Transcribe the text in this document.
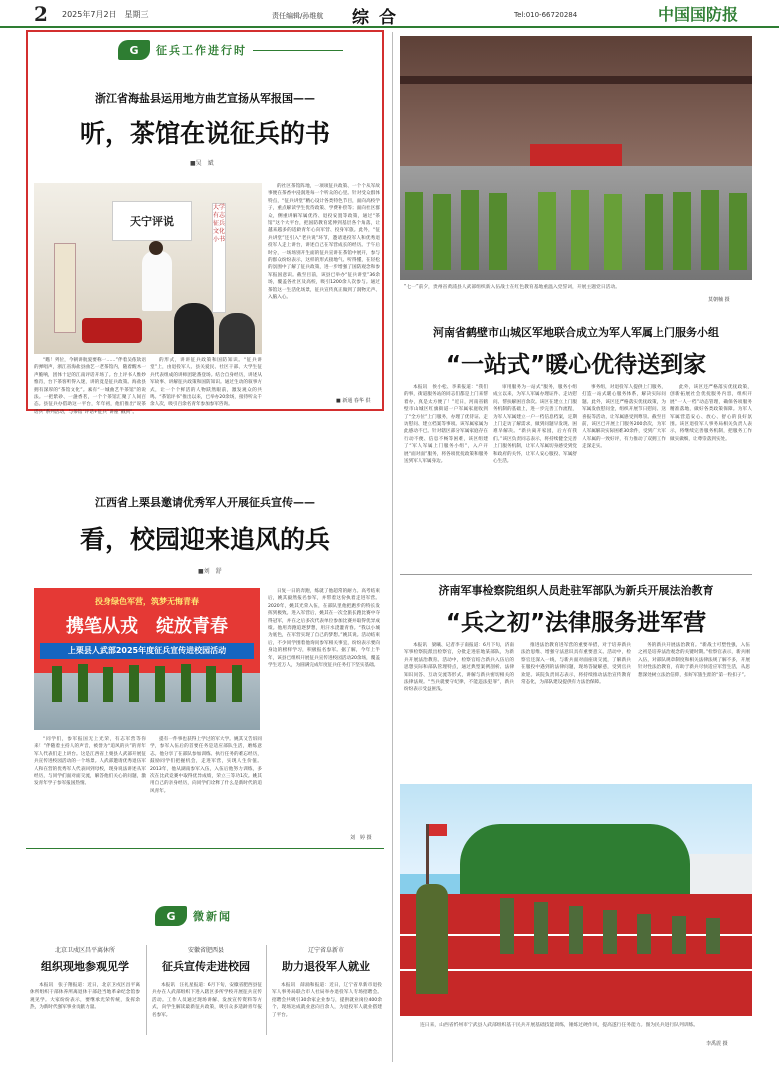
2 2025年7月2日　星期三	责任编辑/孙维航 综合	Tel:010-66720284	中国国防报
G	征兵工作进行时
浙江省海盐县运用地方曲艺宣扬从军报国——
听，茶馆在说征兵的书
■吴　斌
天宁评说
大学有志征兵文化小书
“瞧！列位，今朝讲航爱要称一……”伴着吴侬软语的弹唱声，浙江省海盐县曲艺一老茶馆内，随着醒木一声脆响，团体十足的江南评话开场了。台上评书人惟妙惟肖，台下茶客听得入迷，讲的竟是征兵政策。海盐县拥有深厚的“茶馆文化”。素有“一城曲艺半茶馆”的说法。一把紫砂、一盏香茗，一个个茶馆汇聚了人间百态。县征兵办借助这一平台，年年初，他们推出“说茶话兵”系列活动，与茶馆“评话+征兵”讲座“戳到”。
的形式，讲讲征兵政策和国防知识。“征兵讲堂”上，由退役军人、县关爱民、社区干部、大学生征兵代表组成的讲师团轮番登场。结合自身经历，讲述从军故事、讲解征兵政策和国防知识。通过生动的叙事方式，让一个个鲜活的人物跃然眼前，激发观众的共鸣。“茶馆评书”推出以来，已举办20余场，接待听众千余人次，吸引百余名青年参加参军咨询。
的社区茶馆阵地，一项项征兵政策、一个个从军故事便在茶香中浸润进每一个听众的心里。针对受众群体特点，“征兵讲堂”精心设计各类特色节目，面向高校学子，重点解读学生优待政策、学费补偿等；面向社区群众，侧重讲解军属优待、退役安置等政策，通过“茶馆”这个大平台，把国防教育延伸到基层各个角落，让越来越多的适龄青年心向军营、投身军旅。此外，“征兵讲堂”还引入“老兵说”环节，邀请退役军人和优秀退役军人走上讲台，讲述自己在军营成长的经历。于午后时分，一场场别开生面的征兵宣讲在茶馆中展开，参与的群众纷纷表示，这样的形式接地气、听得懂，在轻松的氛围中了解了征兵政策，进一步增强了国防观念和参军报国意识。截至目前，该县已举办“征兵讲堂”36余场，覆盖各社区及高校，吸引1200余人次参与。通过茶馆这一生活化场景，征兵宣传真正做到了润物无声、入脑入心。
■ 新通 春华 供
江西省上栗县邀请优秀军人开展征兵宣传——
看，校园迎来追风的兵
■刘　舒
投身绿色军营，筑梦无悔青春
携笔从戎　绽放青春
上栗县人武部2025年度征兵宣传进校园活动
“同学们，参军报国无上光荣，有志军营等你来！”伴随着主持人的声音，被誉为“追风的兵”的青年军人代表们走上讲台。这是江西省上栗县人武部开展征兵宣传进校园活动的一个场景。人武部邀请优秀退伍军人和在营的优秀军人代表回到母校，现身说法讲述从军经历，与同学们面对面交流，解答他们关心的问题，激发青年学子参军报国热情。
提有一件事也获得上学过的军大学。姚其又告诉同学，参军入伍后的首要任务是适应部队生活，磨练意志。他分享了在部队参加训练、执行任务的难忘经历，鼓励同学们把握机会，走进军营，实现人生价值。2013年，他从湖南参军入伍，入伍后他努力训练，多次在比武竞赛中取得优异成绩，荣立三等功1次。姚其用自己的亲身经历，向同学们诠释了什么是新时代的追风青年。
日复一日的奔跑，练就了他超常的耐力。高考结束后，姚其毅然报名参军，并带着这份执着走进军营。2020年，姚其光荣入伍，在部队里他把跑步的特长发挥到极致。进入军营后，姚其在一次全旅长跑比赛中夺得冠军，并在之后多次代表单位参加比赛并取得优异成绩。他用奔跑追逐梦想，用汗水浇灌青春。“我以小城为底色，在军营实现了自己的梦想。”姚其说。活动结束后，不少同学围着他询问参军相关事宜，纷纷表示要向身边的榜样学习，积极报名参军。据了解，今年上半年，该县已组织开展征兵宣传进校园活动20余场，覆盖学生近万人，为圆满完成年度征兵任务打下坚实基础。
刘　婷 摄
G	微新闻
北京卫戍区昌平离休所
组织现地参观见学
本报讯　张子翔报道：近日，北京卫戍区昌平离休所组织干部休养所离退休干部赴当地革命纪念馆参观见学。大家纷纷表示，要继承光荣传统，发挥余热，为新时代强军事业贡献力量。
安徽省肥西县
征兵宣传走进校园
本报讯　汪礼星报道：6月下旬，安徽省肥西县征兵办在人武部组织下进入辖区多所学校开展征兵宣传活动。工作人员通过现场讲解、发放宣传资料等方式，向学生解读最新征兵政策，吸引众多适龄青年报名参军。
辽宁省阜新市
助力退役军人就业
本报讯　薛涌和报道：近日，辽宁省阜新市退役军人事务局联合市人社局举办退役军人专场招聘会。招聘会共吸引30余家企业参与，提供就业岗位400余个，现场达成就业意向百余人，为退役军人就业搭建了平台。
“七一”前夕，贵州省黄浦县人武部组织新入伍战士在红色教育基地重温入党誓词，开展主题党日活动。
莫朝楠 摄
河南省鹤壁市山城区军地联合成立为军人军属上门服务小组
“一站式”暖心优待送到家
本报讯　侯小松、李莱报道：“我们的事，街道服务站的同志们都是上门来帮着办，真是太方便了！”近日，河南省鹤壁市山城区红旗街道一户军属家庭收到了“全方位”上门服务，办理了优待证、走访慰问、建立档案等事项。该军属家属为此感动不已。针对辖区部分军属家庭存在行动不便、信息不畅等困难，该区组建了“军人军属上门服务小组”，入户开展“面对面”服务，将各项优抚政策和服务送到军人军属身边。
审用服务为一站式“服务，服务小组成立以来，为军人军属办理证件、走访慰问、帮扶解困百余次。该区在建立上门服务机制的基础上，进一步完善工作流程，为军人军属建立一户一档信息档案，定期上门走访了解需求，做到问题早发现、困难早解决。“新兵离开家园，后方有我们。”该区负责同志表示，将持续健全完善上门服务机制，让军人军属切身感受到党和政府的关怀，让军人安心服役、军属舒心生活。
事务组，对退役军人提供上门服务，打造一站式暖心服务体系，解决实际问题。此外，该区还严格落实优抚政策，为军属发放慰问金，组织开展节日慰问、送喜报等活动，让军属感受到尊崇。截至目前，该区已开展上门服务200余次，为军人军属解决实际困难30余件，受到广大军人军属的一致好评，有力推动了双拥工作走深走实。
此外，该区还严格落实优抚政策，创新拓展社会优抚服务内容，组织开展“一人一档”动态管理，确保各项服务精准落地，做好各类政策保障。为军人军属营造安心、放心、舒心的良好氛围。该区退役军人事务局相关负责人表示，将继续完善服务机制，把服务工作做实做细，让尊崇落到实处。
济南军事检察院组织人员赴驻军部队为新兵开展法治教育
“兵之初”法律服务进军营
本报讯　梁曦、记者李子南报道：6月下旬，济南军事检察院派出检察官，分批走进驻地某部队，为新兵开展法治教育。活动中，检察官结合新兵入伍后的思想实际和部队管理特点，通过典型案例剖析、法律知识问答、互动交流等形式，讲解与新兵密切相关的法律法规。“当兵就要守纪律，不能违法犯罪”，新兵纷纷表示受益匪浅。
推进法治教育进军营的重要举措，对于培养新兵法治思维、增强守法意识具有重要意义。活动中，检察官还深入一线，与新兵面对面座谈交流，了解新兵在服役中遇到的法律问题，现场答疑解惑，受到官兵欢迎。该院负责同志表示，将持续推动法治宣传教育常态化，为部队建设提供有力法治保障。
务的新兵开展法治教育。“新战士可塑性强，入伍之初是培养法治观念的关键时期。”检察官表示，新兵刚入伍，对部队规章制度和相关法律法规了解不多，开展针对性法治教育，有助于新兵尽快适应军营生活，从思想深处树立法治信仰，扣好军旅生涯的“第一粒扣子”。
连日来，山西省忻州市宁武县人武部组织基干民兵开展基础技能训练，锤炼过硬作风，提高遂行任务能力。图为民兵进行队列训练。
李禹震 摄
